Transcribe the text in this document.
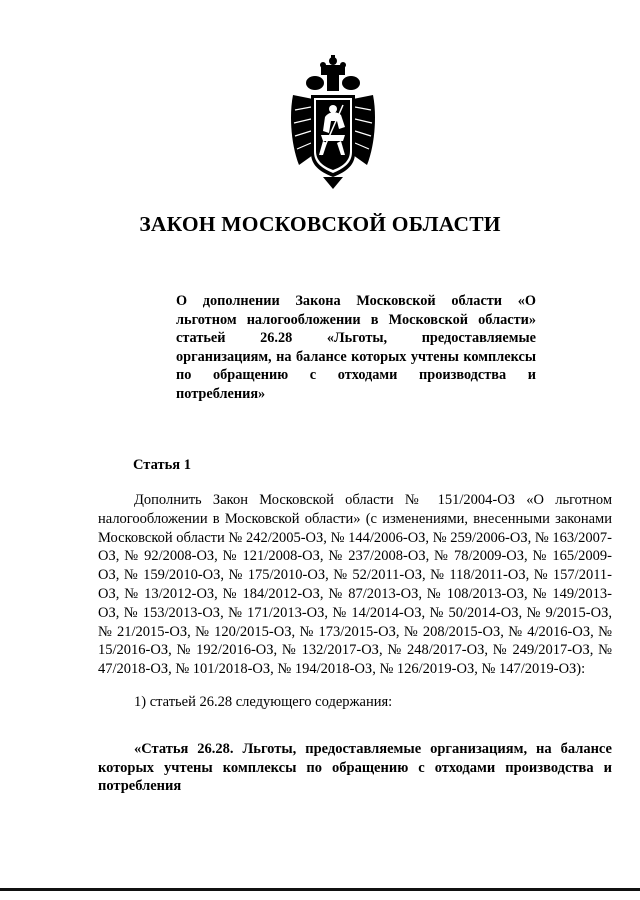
ЗАКОН МОСКОВСКОЙ ОБЛАСТИ
О дополнении Закона Московской области «О льготном налогообложении в Московской области» статьей 26.28 «Льготы, предоставляемые организациям, на балансе которых учтены комплексы по обращению с отходами производства и потребления»
Статья 1
Дополнить Закон Московской области № 151/2004-ОЗ «О льготном налогообложении в Московской области» (с изменениями, внесенными законами Московской области № 242/2005-ОЗ, № 144/2006-ОЗ, № 259/2006-ОЗ, № 163/2007-ОЗ, № 92/2008-ОЗ, № 121/2008-ОЗ, № 237/2008-ОЗ, № 78/2009-ОЗ, № 165/2009-ОЗ, № 159/2010-ОЗ, № 175/2010-ОЗ, № 52/2011-ОЗ, № 118/2011-ОЗ, № 157/2011-ОЗ, № 13/2012-ОЗ, № 184/2012-ОЗ, № 87/2013-ОЗ, № 108/2013-ОЗ, № 149/2013-ОЗ, № 153/2013-ОЗ, № 171/2013-ОЗ, № 14/2014-ОЗ, № 50/2014-ОЗ, № 9/2015-ОЗ, № 21/2015-ОЗ, № 120/2015-ОЗ, № 173/2015-ОЗ, № 208/2015-ОЗ, № 4/2016-ОЗ, № 15/2016-ОЗ, № 192/2016-ОЗ, № 132/2017-ОЗ, № 248/2017-ОЗ, № 249/2017-ОЗ, № 47/2018-ОЗ, № 101/2018-ОЗ, № 194/2018-ОЗ, № 126/2019-ОЗ, № 147/2019-ОЗ):
1) статьей 26.28 следующего содержания:
«Статья 26.28. Льготы, предоставляемые организациям, на балансе которых учтены комплексы по обращению с отходами производства и потребления
